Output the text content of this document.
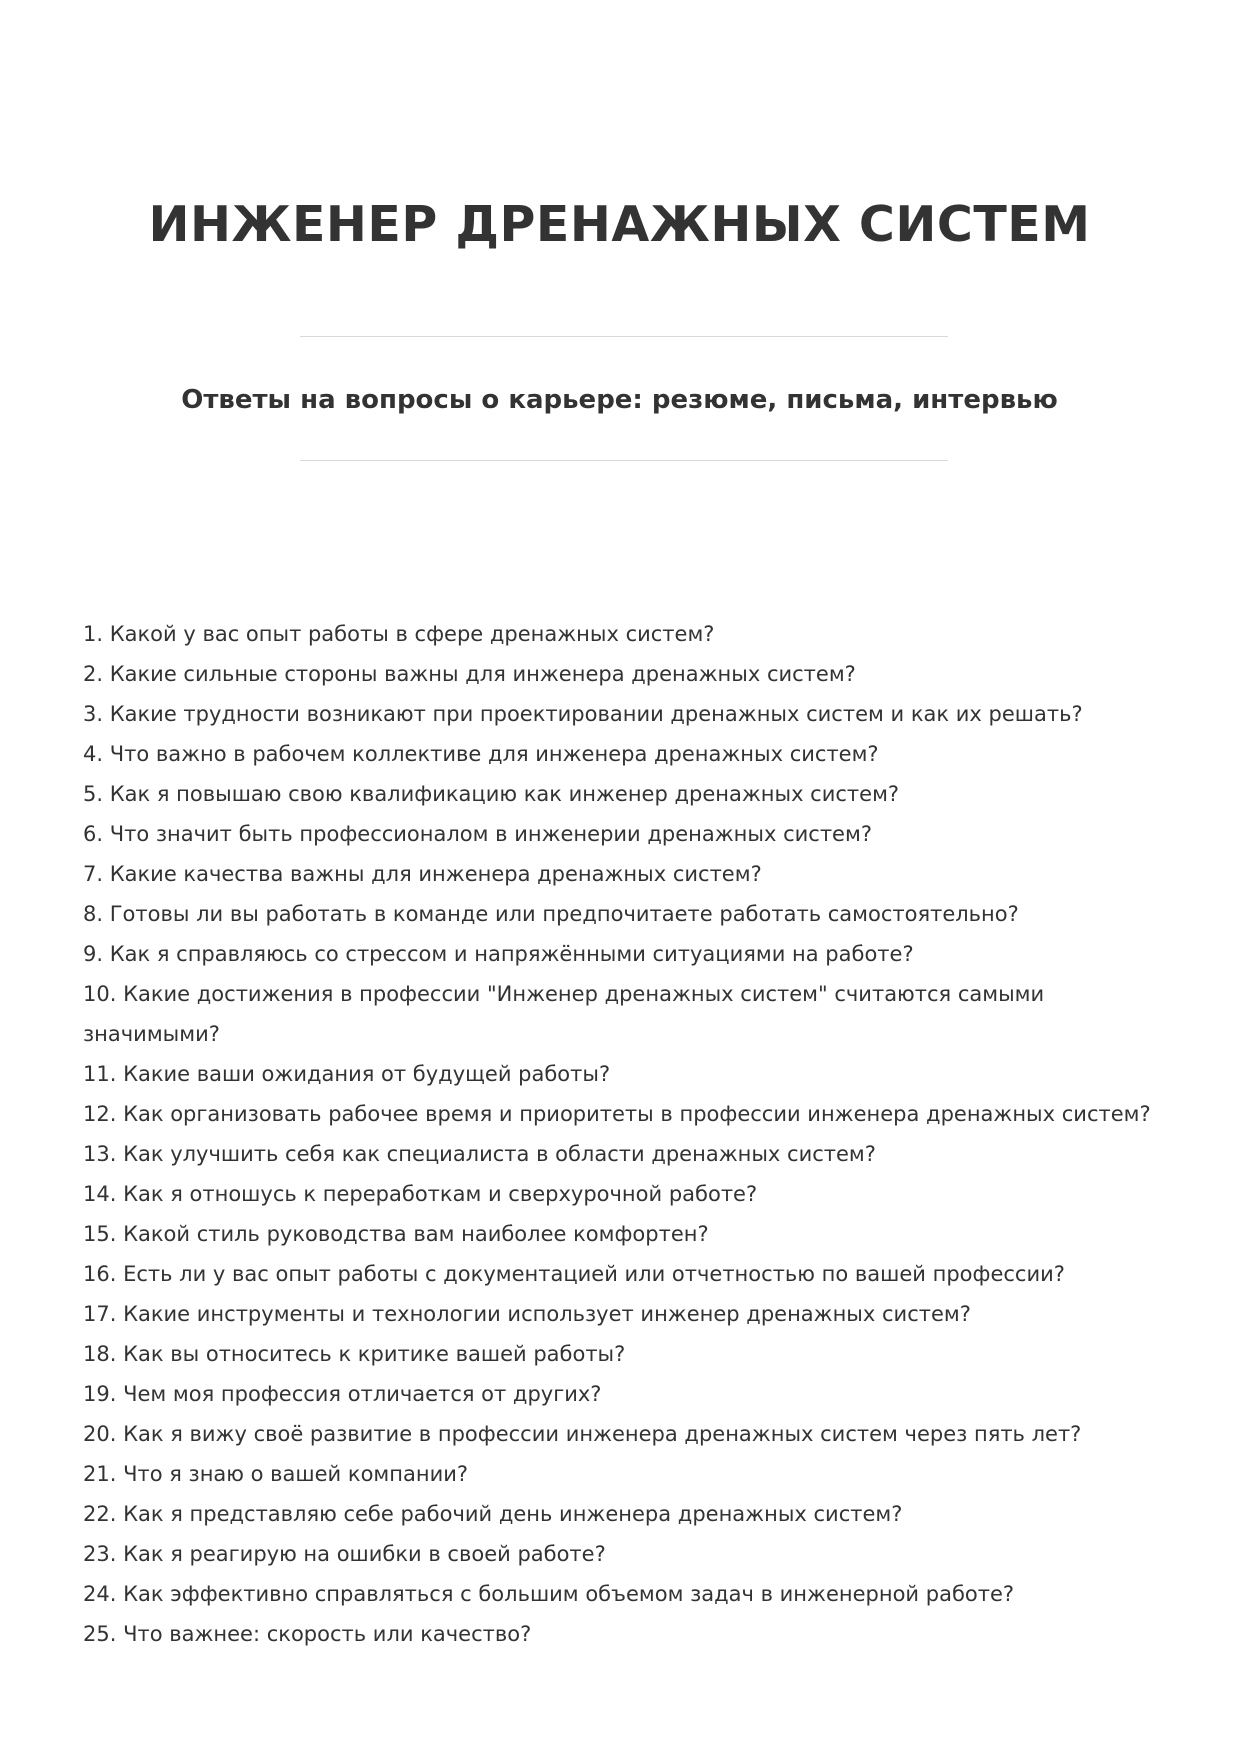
ИНЖЕНЕР ДРЕНАЖНЫХ СИСТЕМ
Ответы на вопросы о карьере: резюме, письма, интервью
1. Какой у вас опыт работы в сфере дренажных систем?
2. Какие сильные стороны важны для инженера дренажных систем?
3. Какие трудности возникают при проектировании дренажных систем и как их решать?
4. Что важно в рабочем коллективе для инженера дренажных систем?
5. Как я повышаю свою квалификацию как инженер дренажных систем?
6. Что значит быть профессионалом в инженерии дренажных систем?
7. Какие качества важны для инженера дренажных систем?
8. Готовы ли вы работать в команде или предпочитаете работать самостоятельно?
9. Как я справляюсь со стрессом и напряжёнными ситуациями на работе?
10. Какие достижения в профессии "Инженер дренажных систем" считаются самыми значимыми?
11. Какие ваши ожидания от будущей работы?
12. Как организовать рабочее время и приоритеты в профессии инженера дренажных систем?
13. Как улучшить себя как специалиста в области дренажных систем?
14. Как я отношусь к переработкам и сверхурочной работе?
15. Какой стиль руководства вам наиболее комфортен?
16. Есть ли у вас опыт работы с документацией или отчетностью по вашей профессии?
17. Какие инструменты и технологии использует инженер дренажных систем?
18. Как вы относитесь к критике вашей работы?
19. Чем моя профессия отличается от других?
20. Как я вижу своё развитие в профессии инженера дренажных систем через пять лет?
21. Что я знаю о вашей компании?
22. Как я представляю себе рабочий день инженера дренажных систем?
23. Как я реагирую на ошибки в своей работе?
24. Как эффективно справляться с большим объемом задач в инженерной работе?
25. Что важнее: скорость или качество?
